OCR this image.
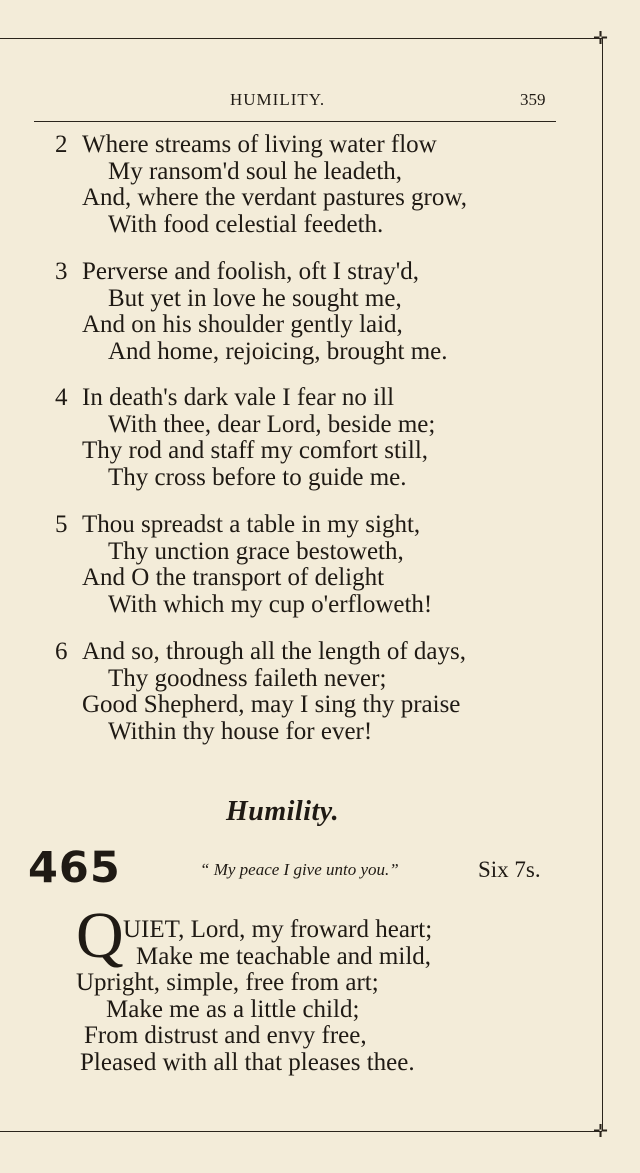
✛
✛
HUMILITY.	359
2 Where streams of living water flow
My ransom'd soul he leadeth,
And, where the verdant pastures grow,
With food celestial feedeth.
3 Perverse and foolish, oft I stray'd,
But yet in love he sought me,
And on his shoulder gently laid,
And home, rejoicing, brought me.
4 In death's dark vale I fear no ill
With thee, dear Lord, beside me;
Thy rod and staff my comfort still,
Thy cross before to guide me.
5 Thou spreadst a table in my sight,
Thy unction grace bestoweth,
And O the transport of delight
With which my cup o'erfloweth!
6 And so, through all the length of days,
Thy goodness faileth never;
Good Shepherd, may I sing thy praise
Within thy house for ever!
Humility.
465	“ My peace I give unto you.”	Six 7s.
Q UIET, Lord, my froward heart;
Make me teachable and mild,
Upright, simple, free from art;
Make me as a little child;
From distrust and envy free,
Pleased with all that pleases thee.
